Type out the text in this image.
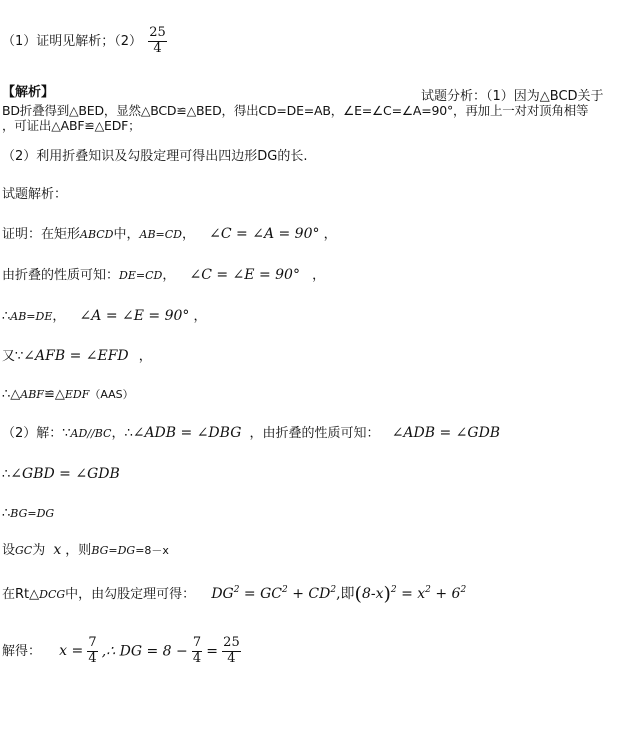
（1）证明见解析；$(2) \frac{25}{4}$
【解析】	试题分析：（1）因为△BCD关于
BD折叠得到△BED，显然△BCD≌△BED，得出CD=DE=AB，∠E=∠C=∠A=90°，再加上一对对顶角相等
，可证出△ABF≌△EDF；
（2）利用折叠知识及勾股定理可得出四边形DG的长.
试题解析：
证明：在矩形ABCD中，AB=CD， ∠C = ∠A = 90° ，
由折叠的性质可知：DE=CD， ∠C = ∠E = 90° ，
∴AB=DE， ∠A = ∠E = 90° ，
又∵∠AFB = ∠EFD ，
∴△ABF≌△EDF（AAS）
（2）解：∵AD//BC，∴∠ADB = ∠DBG ，由折叠的性质可知： ∠ADB = ∠GDB
∴∠GBD = ∠GDB
∴BG=DG
设GC为 x ，则BG=DG=8－x
在Rt△DCG中，由勾股定理可得： $DG^2 = GC^2 + CD^2$,即$(8-x)^2 = x^2 + 6^2$
解得： $x = \frac{7}{4}$ ,∴ DG = $8 - \frac{7}{4} = \frac{25}{4}$
